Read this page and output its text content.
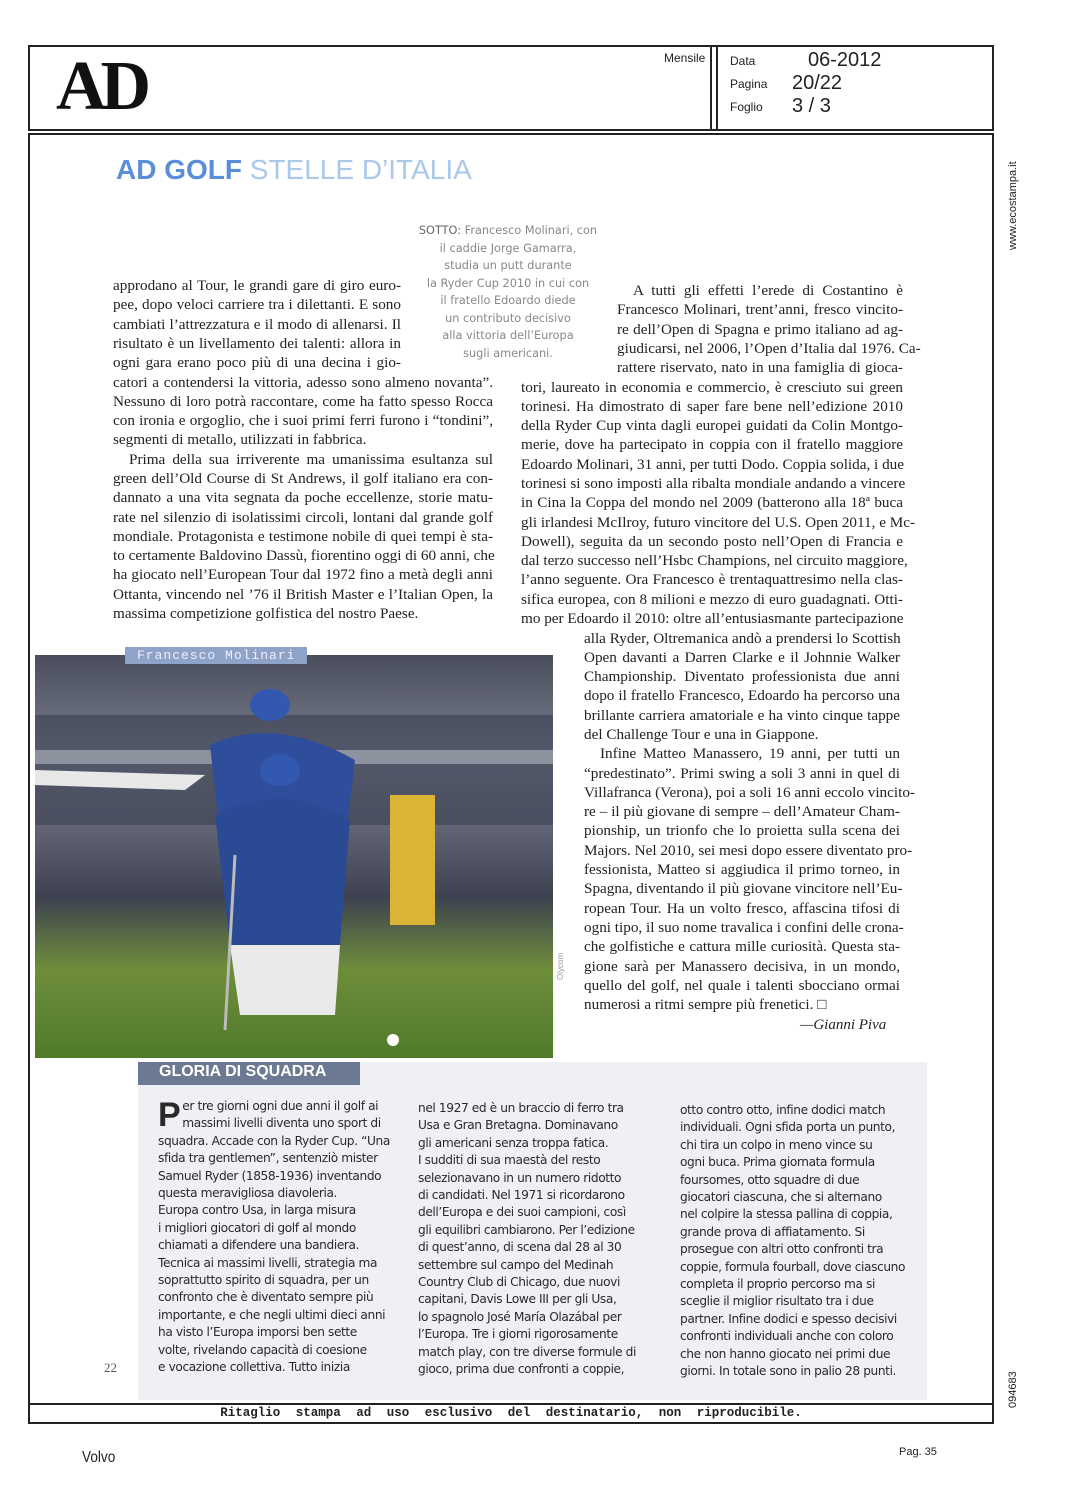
AD	Mensile Data	06-2012
Pagina 20/22
Foglio 3 / 3
www.ecostampa.it
094683
AD GOLF STELLE D’ITALIA
SOTTO: Francesco Molinari, con
il caddie Jorge Gamarra,
studia un putt durante
la Ryder Cup 2010 in cui con
il fratello Edoardo diede
un contributo decisivo
alla vittoria dell’Europa
sugli americani.
approdano al Tour, le grandi gare di giro euro-
pee, dopo veloci carriere tra i dilettanti. E sono
cambiati l’attrezzatura e il modo di allenarsi. Il
risultato è un livellamento dei talenti: allora in
ogni gara erano poco più di una decina i gio-
catori a contendersi la vittoria, adesso sono almeno novanta”.
Nessuno di loro potrà raccontare, come ha fatto spesso Rocca
con ironia e orgoglio, che i suoi primi ferri furono i “tondini”,
segmenti di metallo, utilizzati in fabbrica.
Prima della sua irriverente ma umanissima esultanza sul
green dell’Old Course di St Andrews, il golf italiano era con-
dannato a una vita segnata da poche eccellenze, storie matu-
rate nel silenzio di isolatissimi circoli, lontani dal grande golf
mondiale. Protagonista e testimone nobile di quei tempi è sta-
to certamente Baldovino Dassù, fiorentino oggi di 60 anni, che
ha giocato nell’European Tour dal 1972 fino a metà degli anni
Ottanta, vincendo nel ’76 il British Master e l’Italian Open, la
massima competizione golfistica del nostro Paese.
A tutti gli effetti l’erede di Costantino è
Francesco Molinari, trent’anni, fresco vincito-
re dell’Open di Spagna e primo italiano ad ag-
giudicarsi, nel 2006, l’Open d’Italia dal 1976. Ca-
rattere riservato, nato in una famiglia di gioca-
tori, laureato in economia e commercio, è cresciuto sui green
torinesi. Ha dimostrato di saper fare bene nell’edizione 2010
della Ryder Cup vinta dagli europei guidati da Colin Montgo-
merie, dove ha partecipato in coppia con il fratello maggiore
Edoardo Molinari, 31 anni, per tutti Dodo. Coppia solida, i due
torinesi si sono imposti alla ribalta mondiale andando a vincere
in Cina la Coppa del mondo nel 2009 (batterono alla 18ª buca
gli irlandesi McIlroy, futuro vincitore del U.S. Open 2011, e Mc-
Dowell), seguita da un secondo posto nell’Open di Francia e
dal terzo successo nell’Hsbc Champions, nel circuito maggiore,
l’anno seguente. Ora Francesco è trentaquattresimo nella clas-
sifica europea, con 8 milioni e mezzo di euro guadagnati. Otti-
mo per Edoardo il 2010: oltre all’entusiasmante partecipazione
alla Ryder, Oltremanica andò a prendersi lo Scottish
Open davanti a Darren Clarke e il Johnnie Walker
Championship. Diventato professionista due anni
dopo il fratello Francesco, Edoardo ha percorso una
brillante carriera amatoriale e ha vinto cinque tappe
del Challenge Tour e una in Giappone.
Infine Matteo Manassero, 19 anni, per tutti un
“predestinato”. Primi swing a soli 3 anni in quel di
Villafranca (Verona), poi a soli 16 anni eccolo vincito-
re – il più giovane di sempre – dell’Amateur Cham-
pionship, un trionfo che lo proietta sulla scena dei
Majors. Nel 2010, sei mesi dopo essere diventato pro-
fessionista, Matteo si aggiudica il primo torneo, in
Spagna, diventando il più giovane vincitore nell’Eu-
ropean Tour. Ha un volto fresco, affascina tifosi di
ogni tipo, il suo nome travalica i confini delle crona-
che golfistiche e cattura mille curiosità. Questa sta-
gione sarà per Manassero decisiva, in un mondo,
quello del golf, nel quale i talenti sbocciano ormai
numerosi a ritmi sempre più frenetici. □
—Gianni Piva
Francesco Molinari
Olycom
GLORIA DI SQUADRA
P er tre giorni ogni due anni il golf ai
massimi livelli diventa uno sport di
squadra. Accade con la Ryder Cup. “Una
sfida tra gentlemen”, sentenziò mister
Samuel Ryder (1858-1936) inventando
questa meravigliosa diavoleria.
Europa contro Usa, in larga misura
i migliori giocatori di golf al mondo
chiamati a difendere una bandiera.
Tecnica ai massimi livelli, strategia ma
soprattutto spirito di squadra, per un
confronto che è diventato sempre più
importante, e che negli ultimi dieci anni
ha visto l’Europa imporsi ben sette
volte, rivelando capacità di coesione
e vocazione collettiva. Tutto inizia
nel 1927 ed è un braccio di ferro tra
Usa e Gran Bretagna. Dominavano
gli americani senza troppa fatica.
I sudditi di sua maestà del resto
selezionavano in un numero ridotto
di candidati. Nel 1971 si ricordarono
dell’Europa e dei suoi campioni, così
gli equilibri cambiarono. Per l’edizione
di quest’anno, di scena dal 28 al 30
settembre sul campo del Medinah
Country Club di Chicago, due nuovi
capitani, Davis Lowe III per gli Usa,
lo spagnolo José María Olazábal per
l’Europa. Tre i giorni rigorosamente
match play, con tre diverse formule di
gioco, prima due confronti a coppie,
otto contro otto, infine dodici match
individuali. Ogni sfida porta un punto,
chi tira un colpo in meno vince su
ogni buca. Prima giornata formula
foursomes, otto squadre di due
giocatori ciascuna, che si alternano
nel colpire la stessa pallina di coppia,
grande prova di affiatamento. Si
prosegue con altri otto confronti tra
coppie, formula fourball, dove ciascuno
completa il proprio percorso ma si
sceglie il miglior risultato tra i due
partner. Infine dodici e spesso decisivi
confronti individuali anche con coloro
che non hanno giocato nei primi due
giorni. In totale sono in palio 28 punti.
22
Ritaglio stampa ad uso esclusivo del destinatario, non riproducibile.
Volvo	Pag. 35
